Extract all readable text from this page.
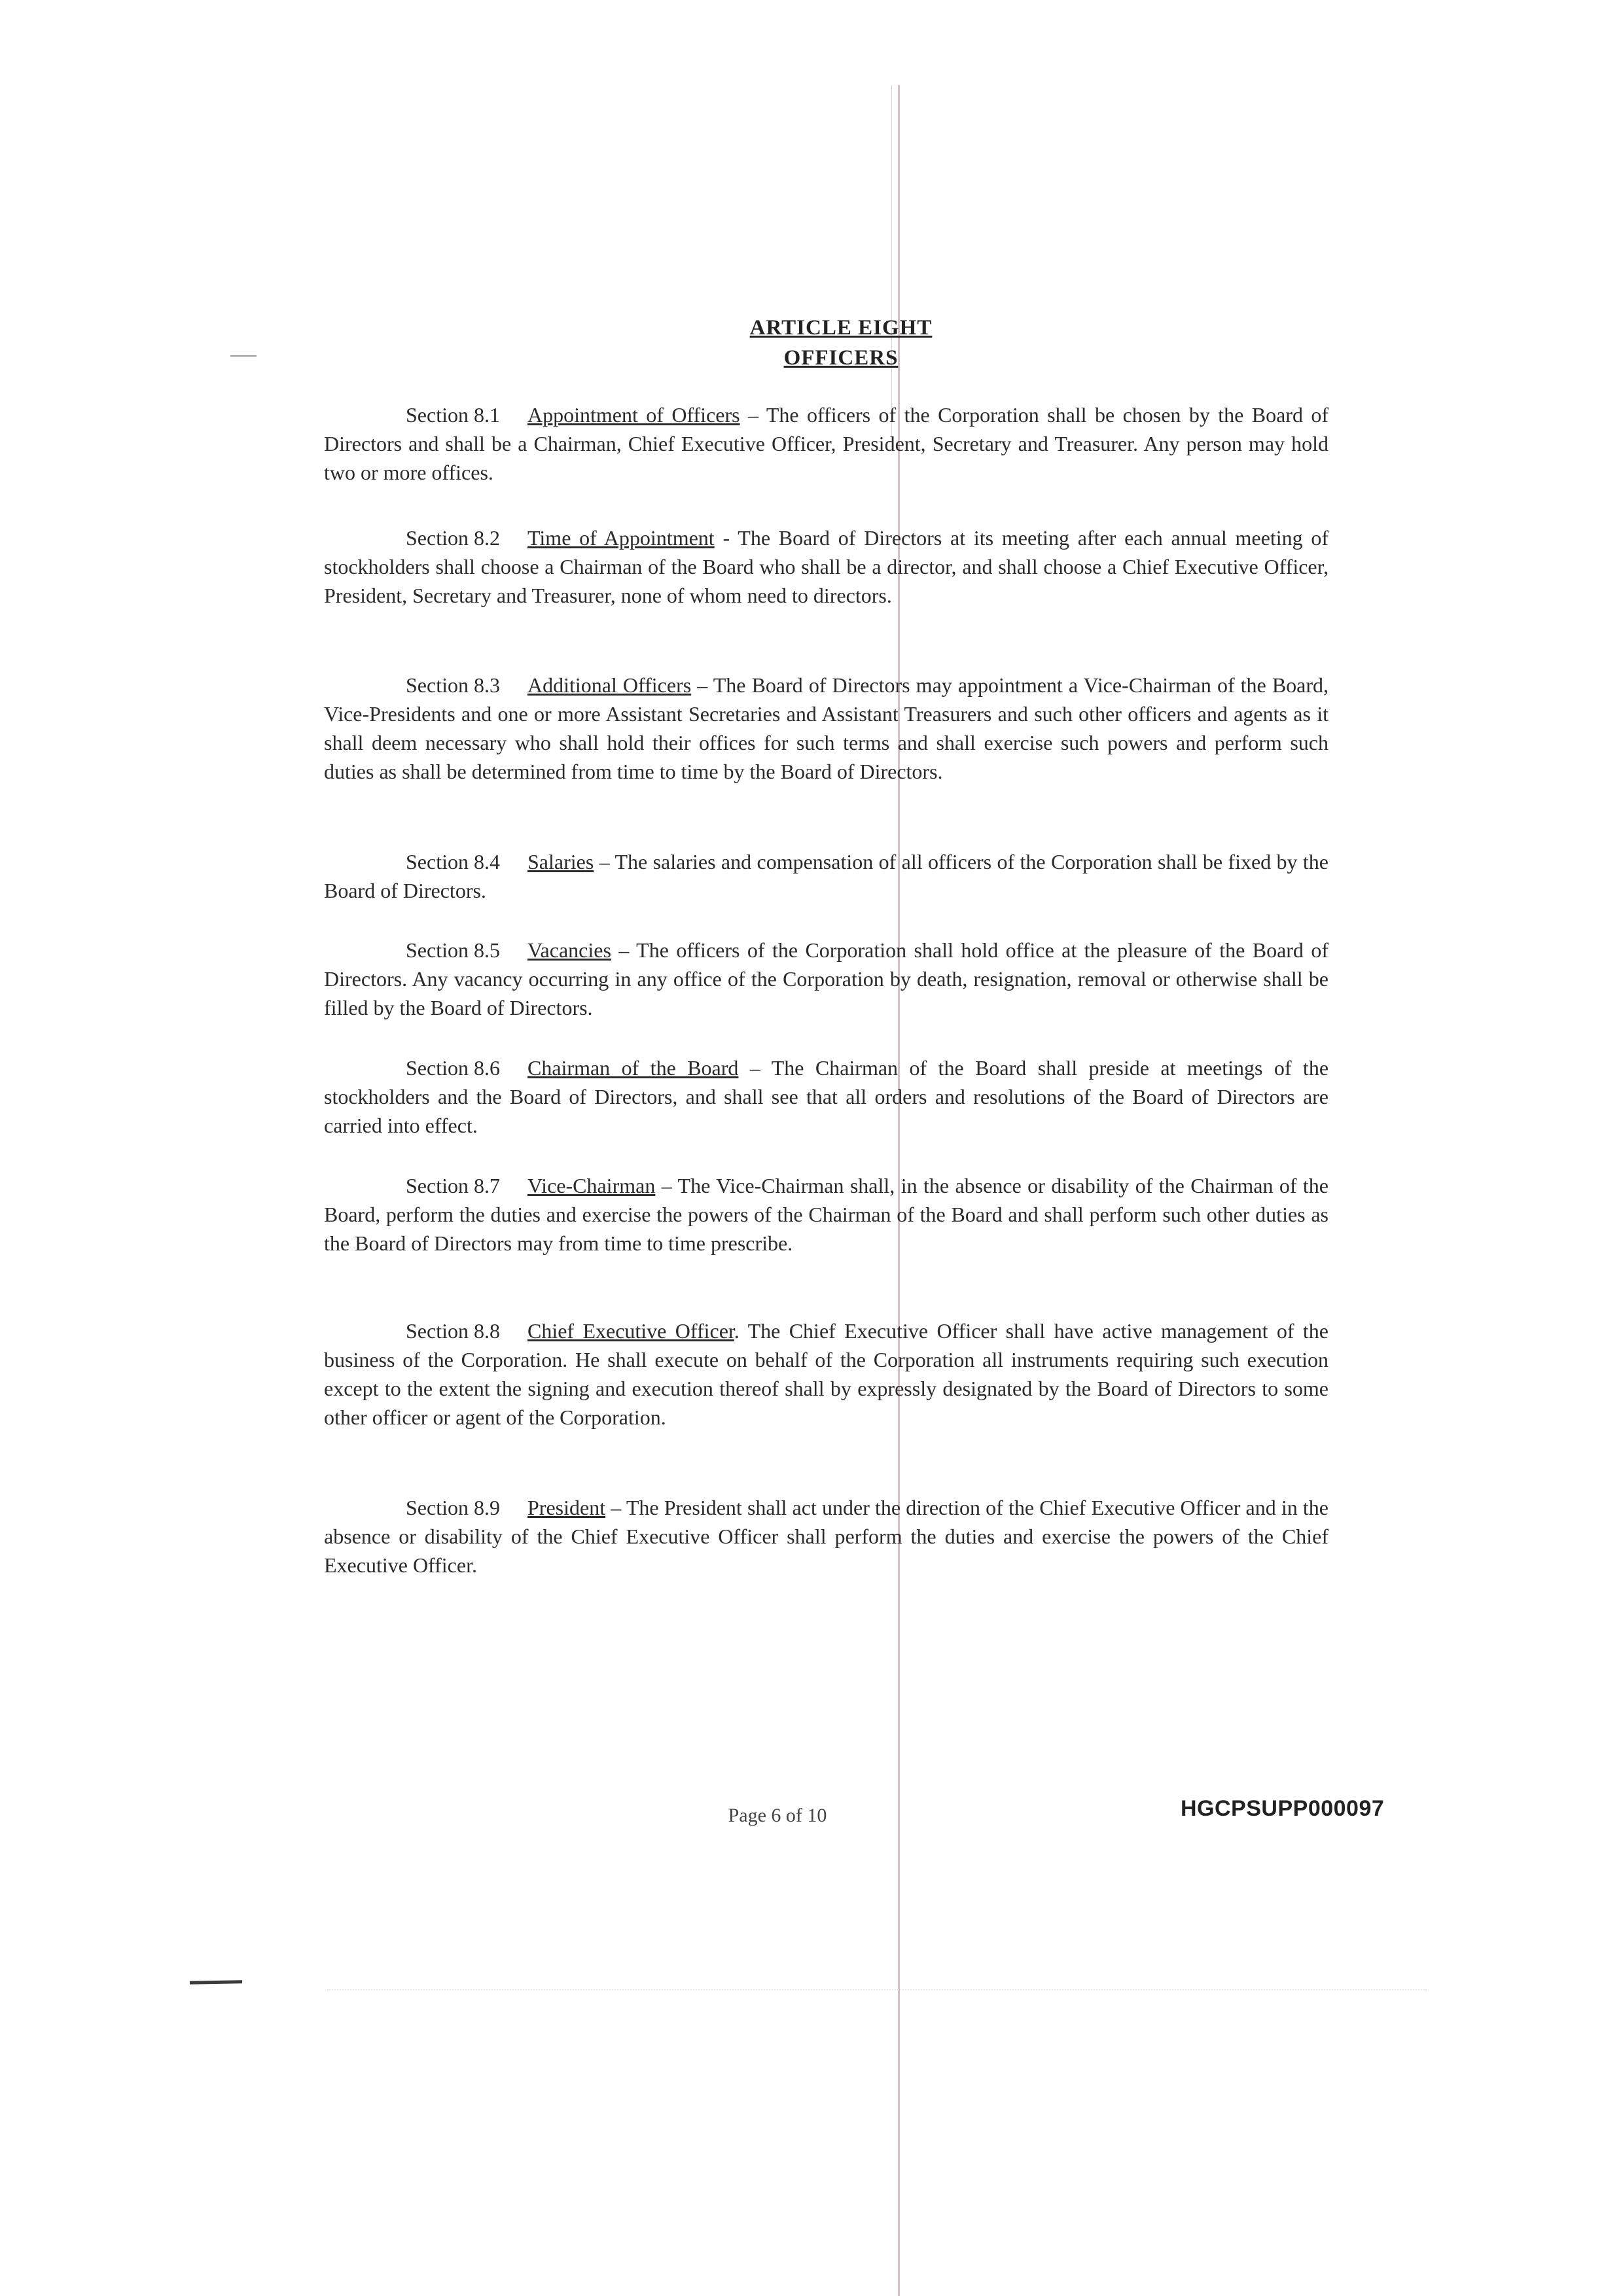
ARTICLE EIGHT
OFFICERS
Section 8.1 Appointment of Officers – The officers of the Corporation shall be chosen by the Board of Directors and shall be a Chairman, Chief Executive Officer, President, Secretary and Treasurer. Any person may hold two or more offices.
Section 8.2 Time of Appointment - The Board of Directors at its meeting after each annual meeting of stockholders shall choose a Chairman of the Board who shall be a director, and shall choose a Chief Executive Officer, President, Secretary and Treasurer, none of whom need to directors.
Section 8.3 Additional Officers – The Board of Directors may appointment a Vice-Chairman of the Board, Vice-Presidents and one or more Assistant Secretaries and Assistant Treasurers and such other officers and agents as it shall deem necessary who shall hold their offices for such terms and shall exercise such powers and perform such duties as shall be determined from time to time by the Board of Directors.
Section 8.4 Salaries – The salaries and compensation of all officers of the Corporation shall be fixed by the Board of Directors.
Section 8.5 Vacancies – The officers of the Corporation shall hold office at the pleasure of the Board of Directors. Any vacancy occurring in any office of the Corporation by death, resignation, removal or otherwise shall be filled by the Board of Directors.
Section 8.6 Chairman of the Board – The Chairman of the Board shall preside at meetings of the stockholders and the Board of Directors, and shall see that all orders and resolutions of the Board of Directors are carried into effect.
Section 8.7 Vice-Chairman – The Vice-Chairman shall, in the absence or disability of the Chairman of the Board, perform the duties and exercise the powers of the Chairman of the Board and shall perform such other duties as the Board of Directors may from time to time prescribe.
Section 8.8 Chief Executive Officer. The Chief Executive Officer shall have active management of the business of the Corporation. He shall execute on behalf of the Corporation all instruments requiring such execution except to the extent the signing and execution thereof shall by expressly designated by the Board of Directors to some other officer or agent of the Corporation.
Section 8.9 President – The President shall act under the direction of the Chief Executive Officer and in the absence or disability of the Chief Executive Officer shall perform the duties and exercise the powers of the Chief Executive Officer.
Page 6 of 10	HGCPSUPP000097
